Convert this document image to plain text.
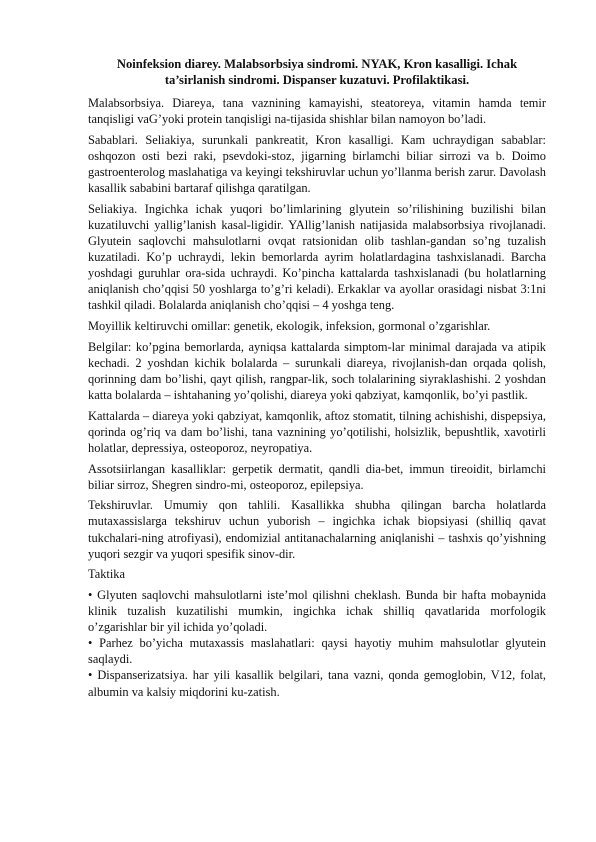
Noinfeksion diarey. Malabsorbsiya sindromi. NYAK, Kron kasalligi. Ichak
ta’sirlanish sindromi. Dispanser kuzatuvi. Profilaktikasi.

Malabsorbsiya. Diareya, tana vaznining kamayishi, steatoreya, vitamin hamda temir tanqisligi vaG’yoki protein tanqisligi na-tijasida shishlar bilan namoyon bo’ladi.

Sabablari. Seliakiya, surunkali pankreatit, Kron kasalligi. Kam uchraydigan sabablar: oshqozon osti bezi raki, psevdoki-stoz, jigarning birlamchi biliar sirrozi va b. Doimo gastroenterolog maslahatiga va keyingi tekshiruvlar uchun yo’llanma berish zarur. Davolash kasallik sababini bartaraf qilishga qaratilgan.

Seliakiya. Ingichka ichak yuqori bo’limlarining glyutein so’rilishining buzilishi bilan kuzatiluvchi yallig’lanish kasal-ligidir. YAllig’lanish natijasida malabsorbsiya rivojlanadi. Glyutein saqlovchi mahsulotlarni ovqat ratsionidan olib tashlan-gandan so’ng tuzalish kuzatiladi. Ko’p uchraydi, lekin bemorlarda ayrim holatlardagina tashxislanadi. Barcha yoshdagi guruhlar ora-sida uchraydi. Ko’pincha kattalarda tashxislanadi (bu holatlarning aniqlanish cho’qqisi 50 yoshlarga to’g’ri keladi). Erkaklar va ayollar orasidagi nisbat 3:1ni tashkil qiladi. Bolalarda aniqlanish cho’qqisi – 4 yoshga teng.

Moyillik keltiruvchi omillar: genetik, ekologik, infeksion, gormonal o’zgarishlar.

Belgilar: ko’pgina bemorlarda, ayniqsa kattalarda simptom-lar minimal darajada va atipik kechadi. 2 yoshdan kichik bolalarda – surunkali diareya, rivojlanish-dan orqada qolish, qorinning dam bo’lishi, qayt qilish, rangpar-lik, soch tolalarining siyraklashishi. 2 yoshdan katta bolalarda – ishtahaning yo’qolishi, diareya yoki qabziyat, kamqonlik, bo’yi pastlik.

Kattalarda – diareya yoki qabziyat, kamqonlik, aftoz stomatit, tilning achishishi, dispepsiya, qorinda og’riq va dam bo’lishi, tana vaznining yo’qotilishi, holsizlik, bepushtlik, xavotirli holatlar, depressiya, osteoporoz, neyropatiya.

Assotsiirlangan kasalliklar: gerpetik dermatit, qandli dia-bet, immun tireoidit, birlamchi biliar sirroz, Shegren sindro-mi, osteoporoz, epilepsiya.

Tekshiruvlar. Umumiy qon tahlili. Kasallikka shubha qilingan barcha holatlarda mutaxassislarga tekshiruv uchun yuborish – ingichka ichak biopsiyasi (shilliq qavat tukchalari-ning atrofiyasi), endomizial antitanachalarning aniqlanishi – tashxis qo’yishning yuqori sezgir va yuqori spesifik sinov-dir.

Taktika

• Glyuten saqlovchi mahsulotlarni iste’mol qilishni cheklash. Bunda bir hafta mobaynida klinik tuzalish kuzatilishi mumkin, ingichka ichak shilliq qavatlarida morfologik o’zgarishlar bir yil ichida yo’qoladi.

• Parhez bo’yicha mutaxassis maslahatlari: qaysi hayotiy muhim mahsulotlar glyutein saqlaydi.

• Dispanserizatsiya. har yili kasallik belgilari, tana vazni, qonda gemoglobin, V12, folat, albumin va kalsiy miqdorini ku-zatish.
